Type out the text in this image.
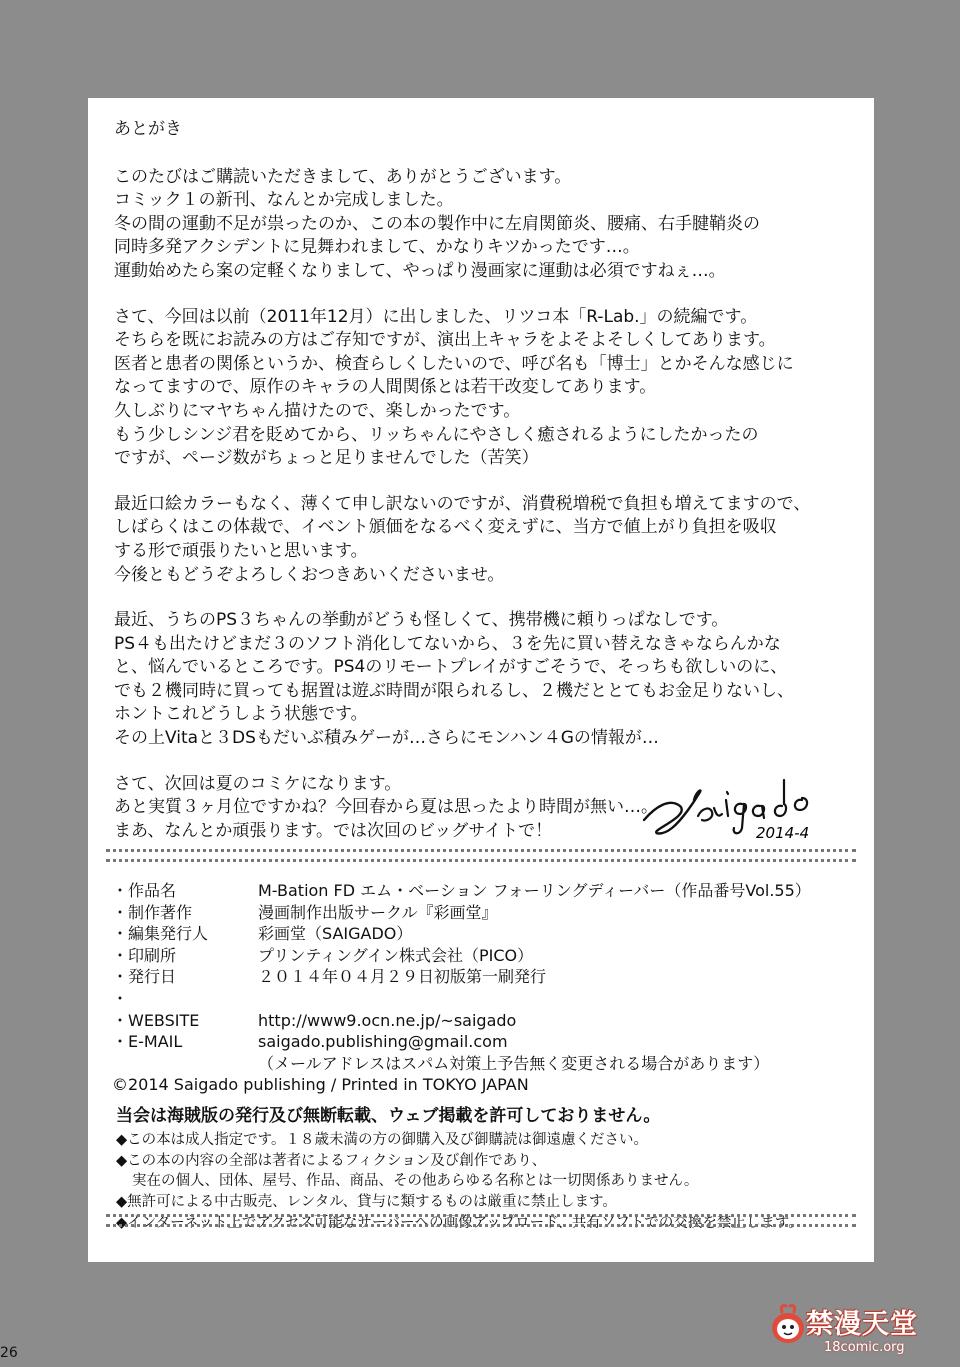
あとがき
このたびはご購読いただきまして、ありがとうございます。
コミック１の新刊、なんとか完成しました。
冬の間の運動不足が祟ったのか、この本の製作中に左肩関節炎、腰痛、右手腱鞘炎の
同時多発アクシデントに見舞われまして、かなりキツかったです…。
運動始めたら案の定軽くなりまして、やっぱり漫画家に運動は必須ですねぇ…。
さて、今回は以前（2011年12月）に出しました、リツコ本「R-Lab.」の続編です。
そちらを既にお読みの方はご存知ですが、演出上キャラをよそよそしくしてあります。
医者と患者の関係というか、検査らしくしたいので、呼び名も「博士」とかそんな感じに
なってますので、原作のキャラの人間関係とは若干改変してあります。
久しぶりにマヤちゃん描けたので、楽しかったです。
もう少しシンジ君を貶めてから、リッちゃんにやさしく癒されるようにしたかったの
ですが、ページ数がちょっと足りませんでした（苦笑）
最近口絵カラーもなく、薄くて申し訳ないのですが、消費税増税で負担も増えてますので、
しばらくはこの体裁で、イベント頒価をなるべく変えずに、当方で値上がり負担を吸収
する形で頑張りたいと思います。
今後ともどうぞよろしくおつきあいくださいませ。
最近、うちのPS３ちゃんの挙動がどうも怪しくて、携帯機に頼りっぱなしです。
PS４も出たけどまだ３のソフト消化してないから、３を先に買い替えなきゃならんかな
と、悩んでいるところです。PS4のリモートプレイがすごそうで、そっちも欲しいのに、
でも２機同時に買っても据置は遊ぶ時間が限られるし、２機だととてもお金足りないし、
ホントこれどうしよう状態です。
その上Vitaと３DSもだいぶ積みゲーが…さらにモンハン４Gの情報が…
さて、次回は夏のコミケになります。
あと実質３ヶ月位ですかね？今回春から夏は思ったより時間が無い…。
まあ、なんとか頑張ります。では次回のビッグサイトで！	2014-4
・作品名	M-Bation FD エム・ベーション フォーリングディーバー（作品番号Vol.55）
・制作著作	漫画制作出版サークル『彩画堂』
・編集発行人	彩画堂（SAIGADO）
・印刷所	プリンティングイン株式会社（PICO）
・発行日	２０１４年０４月２９日初版第一刷発行
・
・WEBSITE	http://www9.ocn.ne.jp/~saigado
・E-MAIL	saigado.publishing@gmail.com
（メールアドレスはスパム対策上予告無く変更される場合があります）
©2014 Saigado publishing / Printed in TOKYO JAPAN
当会は海賊版の発行及び無断転載、ウェブ掲載を許可しておりません。
◆この本は成人指定です。１８歳未満の方の御購入及び御購読は御遠慮ください。
◆この本の内容の全部は著者によるフィクション及び創作であり、
実在の個人、団体、屋号、作品、商品、その他あらゆる名称とは一切関係ありません。
◆無許可による中古販売、レンタル、貸与に類するものは厳重に禁止します。
◆インターネット上でアクセス可能なサーバーへの画像アップロード、共有ソフトでの交換を禁止します。
26
禁漫天堂
18comic.org
